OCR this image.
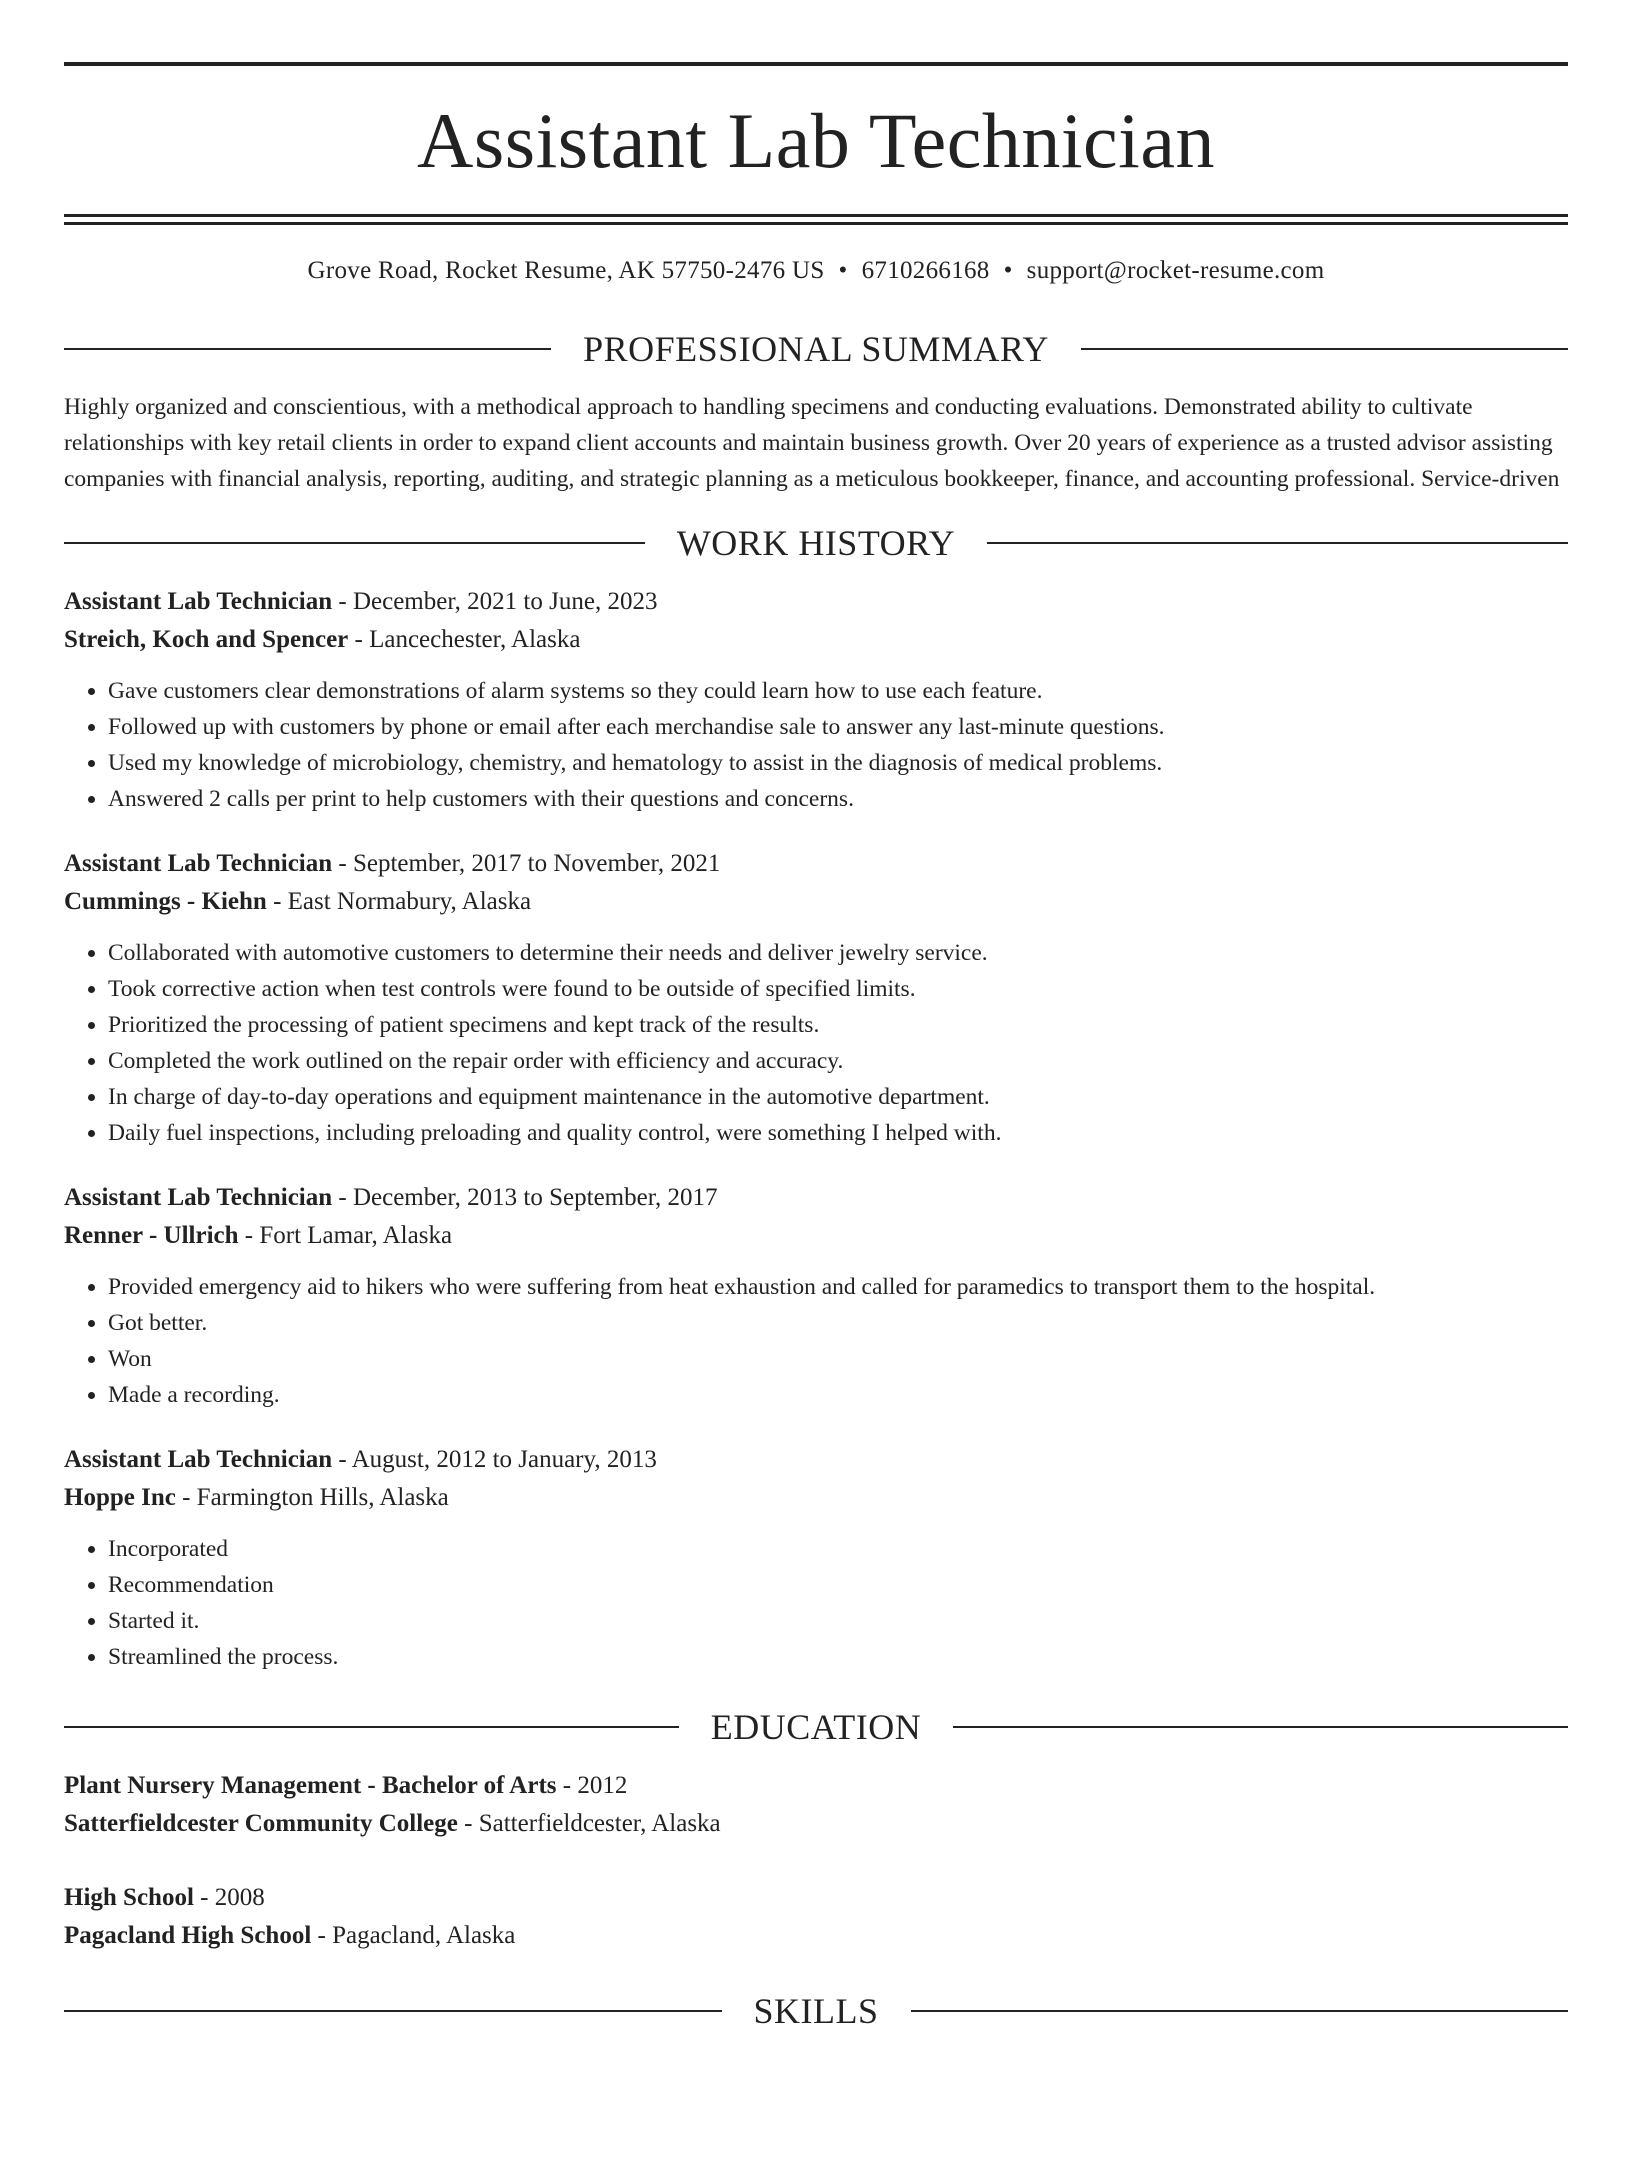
Assistant Lab Technician
Grove Road, Rocket Resume, AK 57750-2476 US • 6710266168 • support@rocket-resume.com
PROFESSIONAL SUMMARY

Highly organized and conscientious, with a methodical approach to handling specimens and conducting evaluations. Demonstrated ability to cultivate relationships with key retail clients in order to expand client accounts and maintain business growth. Over 20 years of experience as a trusted advisor assisting companies with financial analysis, reporting, auditing, and strategic planning as a meticulous bookkeeper, finance, and accounting professional. Service-driven

WORK HISTORY
Assistant Lab Technician - December, 2021 to June, 2023
Streich, Koch and Spencer - Lancechester, Alaska
• Gave customers clear demonstrations of alarm systems so they could learn how to use each feature.
• Followed up with customers by phone or email after each merchandise sale to answer any last-minute questions.
• Used my knowledge of microbiology, chemistry, and hematology to assist in the diagnosis of medical problems.
• Answered 2 calls per print to help customers with their questions and concerns.
Assistant Lab Technician - September, 2017 to November, 2021
Cummings - Kiehn - East Normabury, Alaska
• Collaborated with automotive customers to determine their needs and deliver jewelry service.
• Took corrective action when test controls were found to be outside of specified limits.
• Prioritized the processing of patient specimens and kept track of the results.
• Completed the work outlined on the repair order with efficiency and accuracy.
• In charge of day-to-day operations and equipment maintenance in the automotive department.
• Daily fuel inspections, including preloading and quality control, were something I helped with.
Assistant Lab Technician - December, 2013 to September, 2017
Renner - Ullrich - Fort Lamar, Alaska
• Provided emergency aid to hikers who were suffering from heat exhaustion and called for paramedics to transport them to the hospital.
• Got better.
• Won
• Made a recording.
Assistant Lab Technician - August, 2012 to January, 2013
Hoppe Inc - Farmington Hills, Alaska
• Incorporated
• Recommendation
• Started it.
• Streamlined the process.
EDUCATION
Plant Nursery Management - Bachelor of Arts - 2012
Satterfieldcester Community College - Satterfieldcester, Alaska
High School - 2008
Pagacland High School - Pagacland, Alaska
SKILLS
